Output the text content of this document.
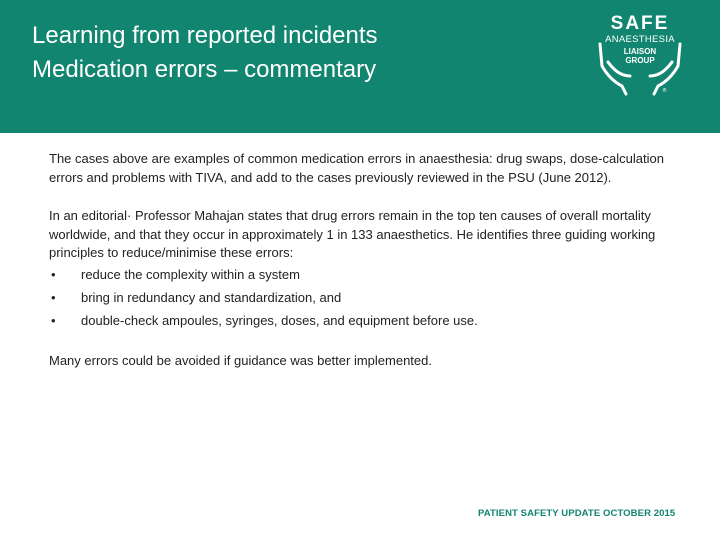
Learning from reported incidents
Medication errors – commentary
SAFE
ANAESTHESIA
LIAISON
GROUP
®

The cases above are examples of common medication errors in anaesthesia: drug swaps, dose-calculation errors and problems with TIVA, and add to the cases previously reviewed in the PSU (June 2012).

In an editorial· Professor Mahajan states that drug errors remain in the top ten causes of overall mortality worldwide, and that they occur in approximately 1 in 133 anaesthetics. He identifies three guiding working principles to reduce/minimise these errors:

• reduce the complexity within a system
• bring in redundancy and standardization, and
• double-check ampoules, syringes, doses, and equipment before use.

Many errors could be avoided if guidance was better implemented.

PATIENT SAFETY UPDATE OCTOBER 2015
